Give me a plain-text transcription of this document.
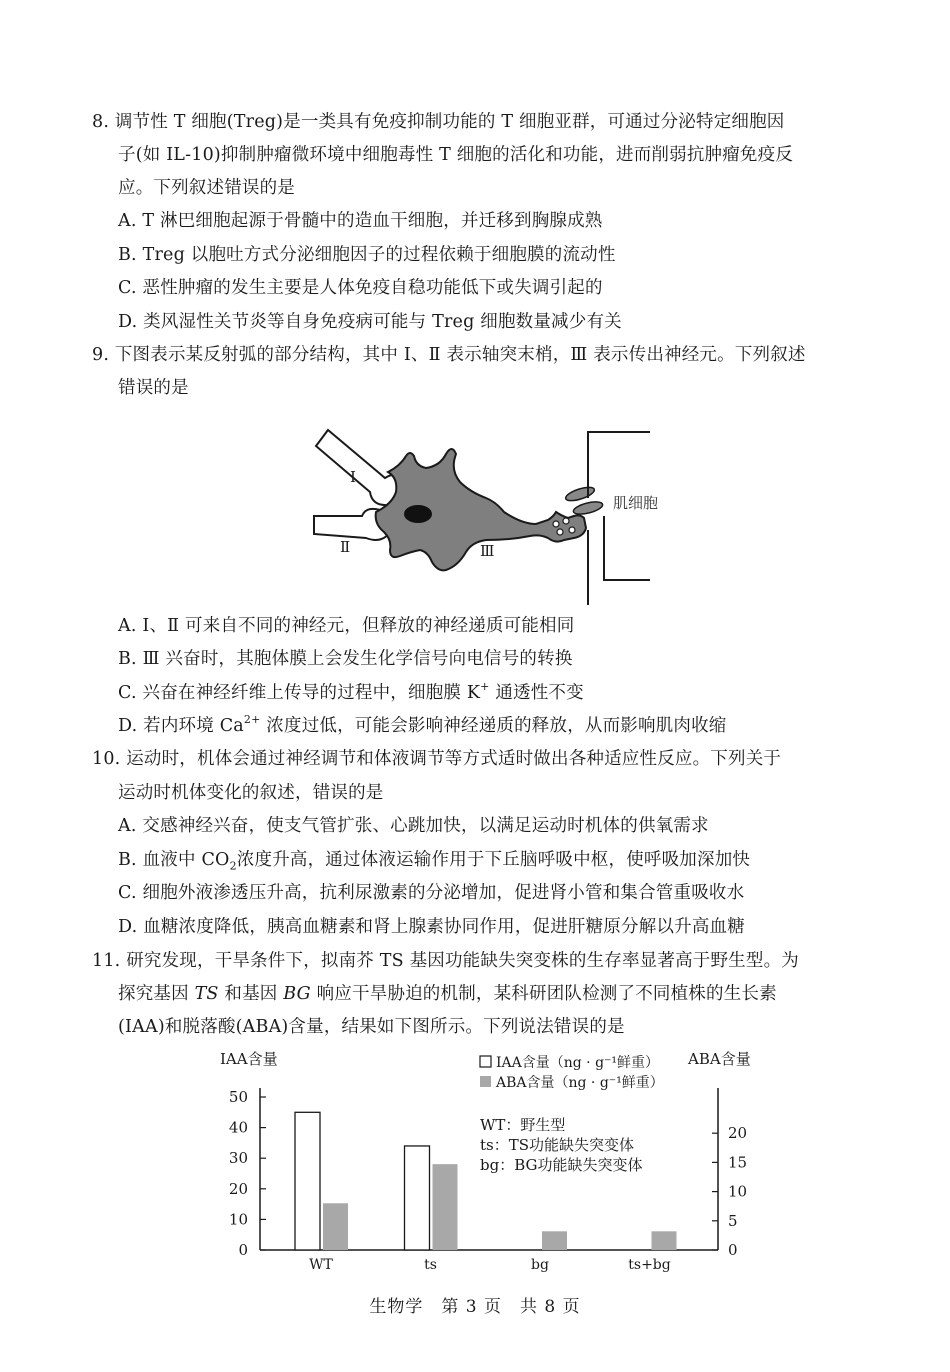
8. 调节性 T 细胞(Treg)是一类具有免疫抑制功能的 T 细胞亚群，可通过分泌特定细胞因
子(如 IL-10)抑制肿瘤微环境中细胞毒性 T 细胞的活化和功能，进而削弱抗肿瘤免疫反
应。下列叙述错误的是
A. T 淋巴细胞起源于骨髓中的造血干细胞，并迁移到胸腺成熟
B. Treg 以胞吐方式分泌细胞因子的过程依赖于细胞膜的流动性
C. 恶性肿瘤的发生主要是人体免疫自稳功能低下或失调引起的
D. 类风湿性关节炎等自身免疫病可能与 Treg 细胞数量减少有关
9. 下图表示某反射弧的部分结构，其中 Ⅰ、Ⅱ 表示轴突末梢，Ⅲ 表示传出神经元。下列叙述
错误的是
Ⅰ
Ⅱ	Ⅲ
肌细胞
A. Ⅰ、Ⅱ 可来自不同的神经元，但释放的神经递质可能相同
B. Ⅲ 兴奋时，其胞体膜上会发生化学信号向电信号的转换
C. 兴奋在神经纤维上传导的过程中，细胞膜 K+ 通透性不变
D. 若内环境 $Ca^{2+}$ 浓度过低，可能会影响神经递质的释放，从而影响肌肉收缩
10. 运动时，机体会通过神经调节和体液调节等方式适时做出各种适应性反应。下列关于
运动时机体变化的叙述，错误的是
A. 交感神经兴奋，使支气管扩张、心跳加快，以满足运动时机体的供氧需求
B. 血液中 $CO_2$浓度升高，通过体液运输作用于下丘脑呼吸中枢，使呼吸加深加快
C. 细胞外液渗透压升高，抗利尿激素的分泌增加，促进肾小管和集合管重吸收水
D. 血糖浓度降低，胰高血糖素和肾上腺素协同作用，促进肝糖原分解以升高血糖
11. 研究发现，干旱条件下，拟南芥 TS 基因功能缺失突变株的生存率显著高于野生型。为
探究基因 TS 和基因 BG 响应干旱胁迫的机制，某科研团队检测了不同植株的生长素
(IAA)和脱落酸(ABA)含量，结果如下图所示。下列说法错误的是
0
10
20
30
40
50
0
5
10
15
20
IAA含量	ABA含量
WT	ts	bg	ts+bg
IAA含量（ng · g⁻¹鲜重）
ABA含量（ng · g⁻¹鲜重）
WT：野生型
ts：TS功能缺失突变体
bg：BG功能缺失突变体
生物学　第 3 页　共 8 页
